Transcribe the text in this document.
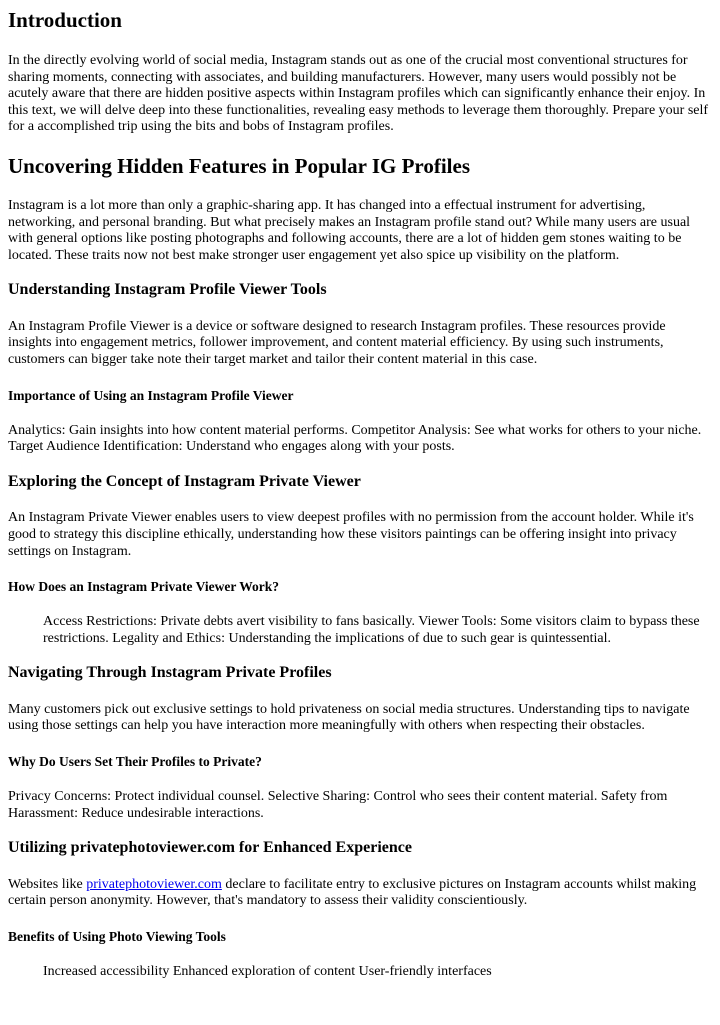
Introduction

In the directly evolving world of social media, Instagram stands out as one of the crucial most conventional structures for sharing moments, connecting with associates, and building manufacturers. However, many users would possibly not be acutely aware that there are hidden positive aspects within Instagram profiles which can significantly enhance their enjoy. In this text, we will delve deep into these functionalities, revealing easy methods to leverage them thoroughly. Prepare your self for a accomplished trip using the bits and bobs of Instagram profiles.

Uncovering Hidden Features in Popular IG Profiles

Instagram is a lot more than only a graphic-sharing app. It has changed into a effectual instrument for advertising, networking, and personal branding. But what precisely makes an Instagram profile stand out? While many users are usual with general options like posting photographs and following accounts, there are a lot of hidden gem stones waiting to be located. These traits now not best make stronger user engagement yet also spice up visibility on the platform.

Understanding Instagram Profile Viewer Tools

An Instagram Profile Viewer is a device or software designed to research Instagram profiles. These resources provide insights into engagement metrics, follower improvement, and content material efficiency. By using such instruments, customers can bigger take note their target market and tailor their content material in this case.

Importance of Using an Instagram Profile Viewer

Analytics: Gain insights into how content material performs. Competitor Analysis: See what works for others to your niche. Target Audience Identification: Understand who engages along with your posts.

Exploring the Concept of Instagram Private Viewer

An Instagram Private Viewer enables users to view deepest profiles with no permission from the account holder. While it's good to strategy this discipline ethically, understanding how these visitors paintings can be offering insight into privacy settings on Instagram.

How Does an Instagram Private Viewer Work?
Access Restrictions: Private debts avert visibility to fans basically. Viewer Tools: Some visitors claim to bypass these restrictions. Legality and Ethics: Understanding the implications of due to such gear is quintessential.
Navigating Through Instagram Private Profiles

Many customers pick out exclusive settings to hold privateness on social media structures. Understanding tips to navigate using those settings can help you have interaction more meaningfully with others when respecting their obstacles.

Why Do Users Set Their Profiles to Private?

Privacy Concerns: Protect individual counsel. Selective Sharing: Control who sees their content material. Safety from Harassment: Reduce undesirable interactions.

Utilizing privatephotoviewer.com for Enhanced Experience

Websites like privatephotoviewer.com declare to facilitate entry to exclusive pictures on Instagram accounts whilst making certain person anonymity. However, that's mandatory to assess their validity conscientiously.

Benefits of Using Photo Viewing Tools
Increased accessibility Enhanced exploration of content User-friendly interfaces
